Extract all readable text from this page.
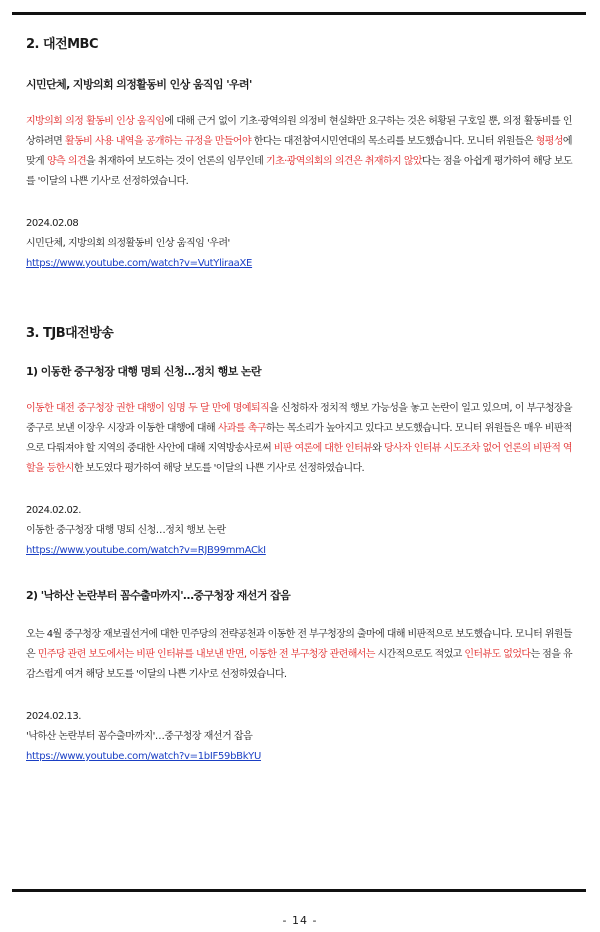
2. 대전MBC
시민단체, 지방의회 의정활동비 인상 움직임 '우려'

지방의회 의정 활동비 인상 움직임에 대해 근거 없이 기초·광역의원 의정비 현실화만 요구하는 것은 허황된 구호일 뿐, 의정 활동비를 인상하려면 활동비 사용 내역을 공개하는 규정을 만들어야 한다는 대전참여시민연대의 목소리를 보도했습니다. 모니터 위원들은 형평성에 맞게 양측 의견을 취재하여 보도하는 것이 언론의 임무인데 기초·광역의회의 의견은 취재하지 않았다는 점을 아쉽게 평가하여 해당 보도를 '이달의 나쁜 기사'로 선정하였습니다.

2024.02.08

시민단체, 지방의회 의정활동비 인상 움직임 '우려'

https://www.youtube.com/watch?v=VutYliraaXE

3. TJB대전방송
1) 이동한 중구청장 대행 명퇴 신청…정치 행보 논란

이동한 대전 중구청장 권한 대행이 임명 두 달 만에 명예퇴직을 신청하자 정치적 행보 가능성을 놓고 논란이 일고 있으며, 이 부구청장을 중구로 보낸 이장우 시장과 이동한 대행에 대해 사과를 촉구하는 목소리가 높아지고 있다고 보도했습니다. 모니터 위원들은 매우 비판적으로 다뤄져야 할 지역의 중대한 사안에 대해 지역방송사로써 비판 여론에 대한 인터뷰와 당사자 인터뷰 시도조차 없어 언론의 비판적 역할을 등한시한 보도였다 평가하여 해당 보도를 '이달의 나쁜 기사'로 선정하였습니다.

2024.02.02.

이동한 중구청장 대행 명퇴 신청…정치 행보 논란

https://www.youtube.com/watch?v=RJB99mmACkI

2) '낙하산 논란부터 꼼수출마까지'…중구청장 재선거 잡음

오는 4월 중구청장 재보궐선거에 대한 민주당의 전략공천과 이동한 전 부구청장의 출마에 대해 비판적으로 보도했습니다. 모니터 위원들은 민주당 관련 보도에서는 비판 인터뷰를 내보낸 반면, 이동한 전 부구청장 관련해서는 시간적으로도 적었고 인터뷰도 없었다는 점을 유감스럽게 여겨 해당 보도를 '이달의 나쁜 기사'로 선정하였습니다.

2024.02.13.

'낙하산 논란부터 꼼수출마까지'…중구청장 재선거 잡음

https://www.youtube.com/watch?v=1bIF59bBkYU

- 14 -
